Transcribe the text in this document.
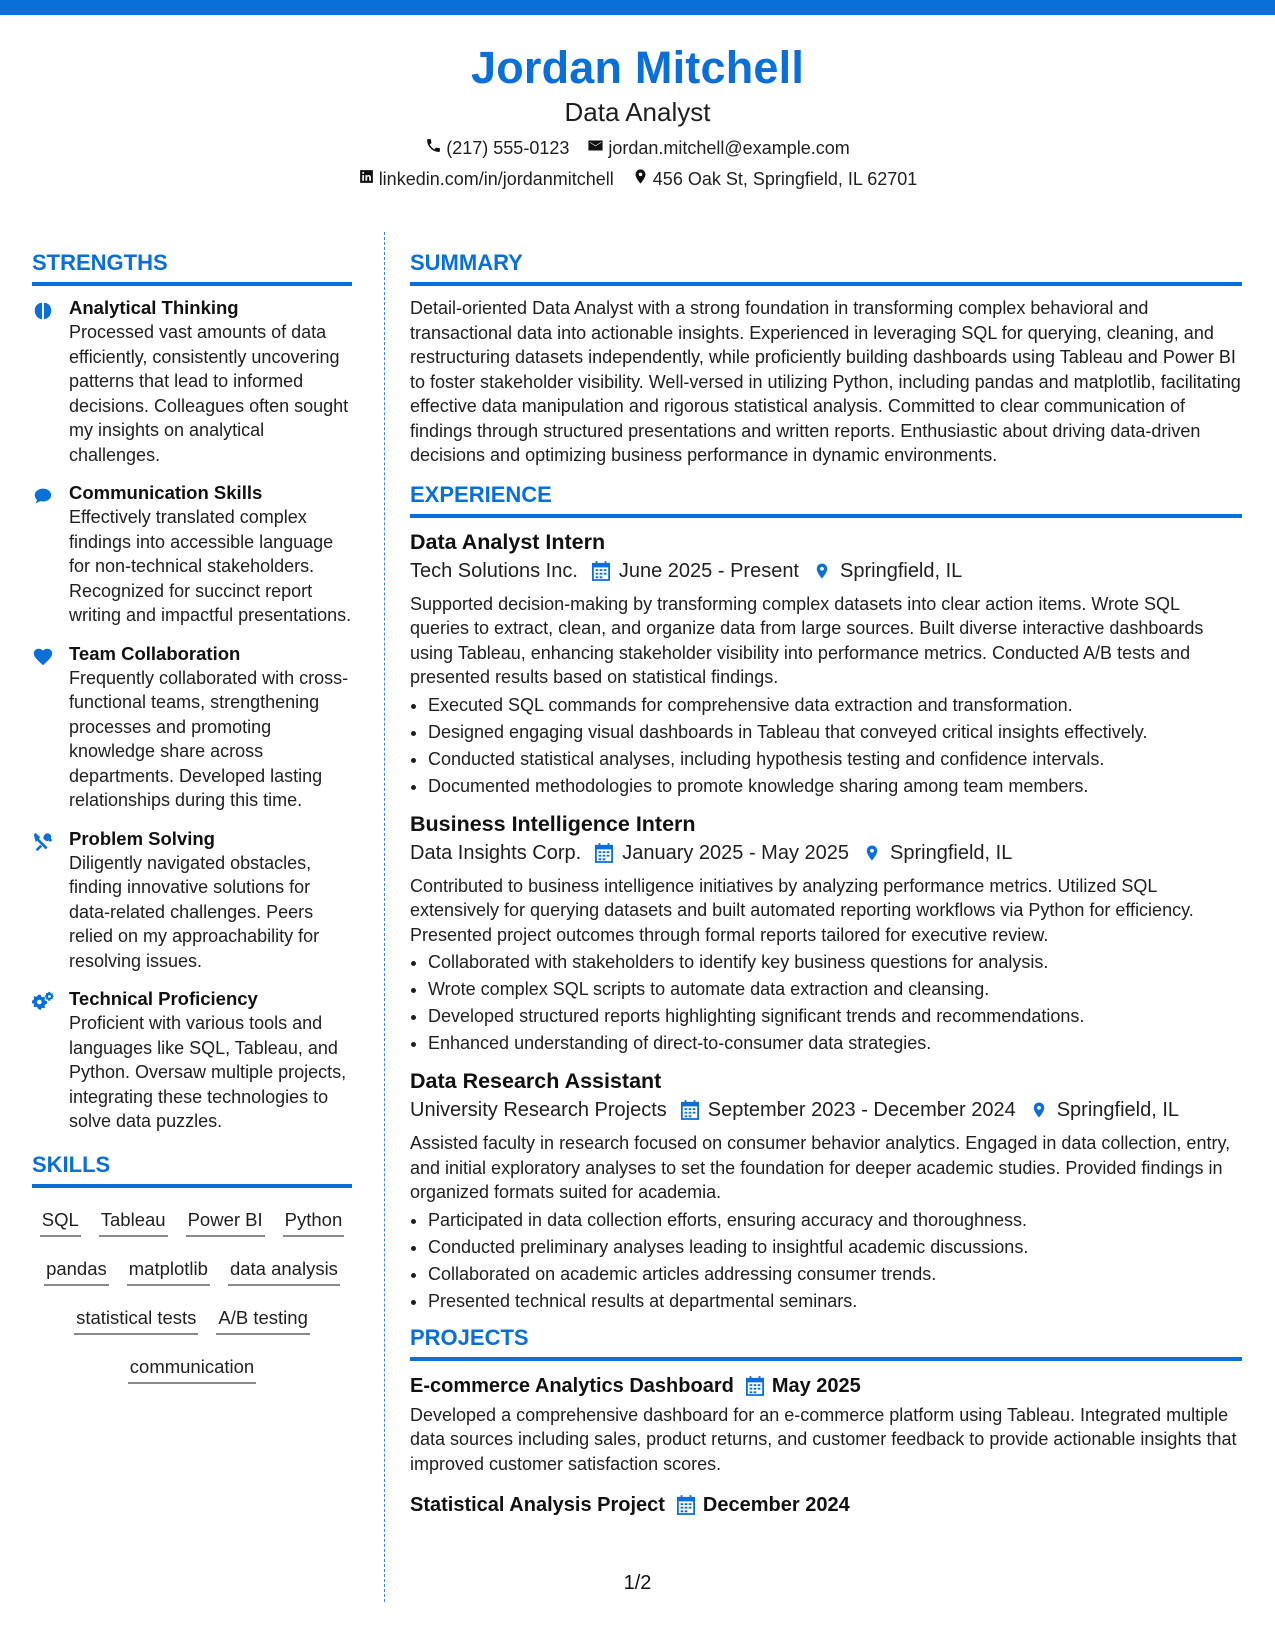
Jordan Mitchell
Data Analyst
(217) 555-0123 jordan.mitchell@example.com
linkedin.com/in/jordanmitchell 456 Oak St, Springfield, IL 62701
STRENGTHS
Analytical Thinking
Processed vast amounts of data efficiently, consistently uncovering patterns that lead to informed decisions. Colleagues often sought my insights on analytical challenges.
Communication Skills
Effectively translated complex findings into accessible language for non-technical stakeholders. Recognized for succinct report writing and impactful presentations.
Team Collaboration
Frequently collaborated with cross-functional teams, strengthening processes and promoting knowledge share across departments. Developed lasting relationships during this time.
Problem Solving
Diligently navigated obstacles, finding innovative solutions for data-related challenges. Peers relied on my approachability for resolving issues.
Technical Proficiency
Proficient with various tools and languages like SQL, Tableau, and Python. Oversaw multiple projects, integrating these technologies to solve data puzzles.
SKILLS
SQL Tableau Power BI Python
pandas matplotlib data analysis
statistical tests A/B testing
communication
SUMMARY

Detail-oriented Data Analyst with a strong foundation in transforming complex behavioral and transactional data into actionable insights. Experienced in leveraging SQL for querying, cleaning, and restructuring datasets independently, while proficiently building dashboards using Tableau and Power BI to foster stakeholder visibility. Well-versed in utilizing Python, including pandas and matplotlib, facilitating effective data manipulation and rigorous statistical analysis. Committed to clear communication of findings through structured presentations and written reports. Enthusiastic about driving data-driven decisions and optimizing business performance in dynamic environments.

EXPERIENCE
Data Analyst Intern
Tech Solutions Inc. June 2025 - Present Springfield, IL

Supported decision-making by transforming complex datasets into clear action items. Wrote SQL queries to extract, clean, and organize data from large sources. Built diverse interactive dashboards using Tableau, enhancing stakeholder visibility into performance metrics. Conducted A/B tests and presented results based on statistical findings.

• Executed SQL commands for comprehensive data extraction and transformation.
• Designed engaging visual dashboards in Tableau that conveyed critical insights effectively.
• Conducted statistical analyses, including hypothesis testing and confidence intervals.
• Documented methodologies to promote knowledge sharing among team members.
Business Intelligence Intern
Data Insights Corp. January 2025 - May 2025 Springfield, IL

Contributed to business intelligence initiatives by analyzing performance metrics. Utilized SQL extensively for querying datasets and built automated reporting workflows via Python for efficiency. Presented project outcomes through formal reports tailored for executive review.

• Collaborated with stakeholders to identify key business questions for analysis.
• Wrote complex SQL scripts to automate data extraction and cleansing.
• Developed structured reports highlighting significant trends and recommendations.
• Enhanced understanding of direct-to-consumer data strategies.
Data Research Assistant
University Research Projects September 2023 - December 2024 Springfield, IL

Assisted faculty in research focused on consumer behavior analytics. Engaged in data collection, entry, and initial exploratory analyses to set the foundation for deeper academic studies. Provided findings in organized formats suited for academia.

• Participated in data collection efforts, ensuring accuracy and thoroughness.
• Conducted preliminary analyses leading to insightful academic discussions.
• Collaborated on academic articles addressing consumer trends.
• Presented technical results at departmental seminars.
PROJECTS
E-commerce Analytics Dashboard May 2025

Developed a comprehensive dashboard for an e-commerce platform using Tableau. Integrated multiple data sources including sales, product returns, and customer feedback to provide actionable insights that improved customer satisfaction scores.

Statistical Analysis Project December 2024
1/2
